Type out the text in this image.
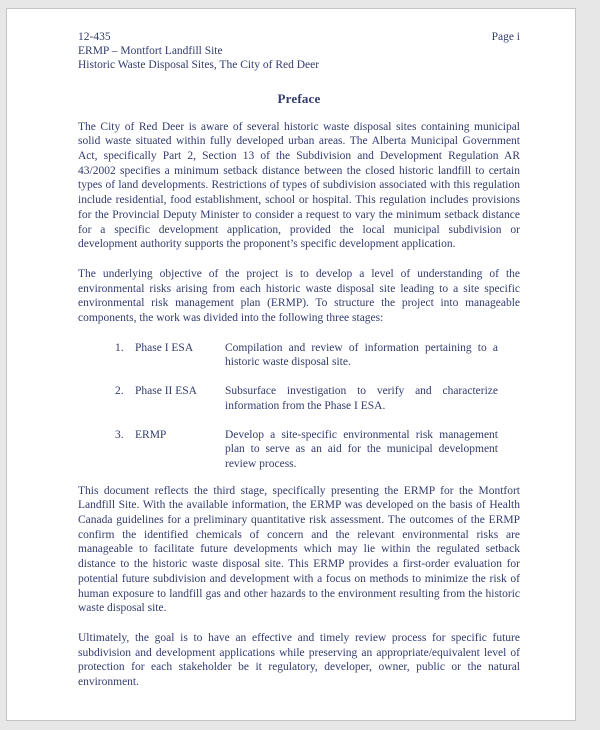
12-435
ERMP – Montfort Landfill Site
Historic Waste Disposal Sites, The City of Red Deer
Page i
Preface

The City of Red Deer is aware of several historic waste disposal sites containing municipal solid waste situated within fully developed urban areas. The Alberta Municipal Government Act, specifically Part 2, Section 13 of the Subdivision and Development Regulation AR 43/2002 specifies a minimum setback distance between the closed historic landfill to certain types of land developments. Restrictions of types of subdivision associated with this regulation include residential, food establishment, school or hospital. This regulation includes provisions for the Provincial Deputy Minister to consider a request to vary the minimum setback distance for a specific development application, provided the local municipal subdivision or development authority supports the proponent’s specific development application.

The underlying objective of the project is to develop a level of understanding of the environmental risks arising from each historic waste disposal site leading to a site specific environmental risk management plan (ERMP). To structure the project into manageable components, the work was divided into the following three stages:

1. Phase I ESA	Compilation and review of information pertaining to a historic waste disposal site.
2. Phase II ESA	Subsurface investigation to verify and characterize information from the Phase I ESA.
3. ERMP	Develop a site-specific environmental risk management plan to serve as an aid for the municipal development review process.

This document reflects the third stage, specifically presenting the ERMP for the Montfort Landfill Site. With the available information, the ERMP was developed on the basis of Health Canada guidelines for a preliminary quantitative risk assessment. The outcomes of the ERMP confirm the identified chemicals of concern and the relevant environmental risks are manageable to facilitate future developments which may lie within the regulated setback distance to the historic waste disposal site. This ERMP provides a first-order evaluation for potential future subdivision and development with a focus on methods to minimize the risk of human exposure to landfill gas and other hazards to the environment resulting from the historic waste disposal site.

Ultimately, the goal is to have an effective and timely review process for specific future subdivision and development applications while preserving an appropriate/equivalent level of protection for each stakeholder be it regulatory, developer, owner, public or the natural environment.
